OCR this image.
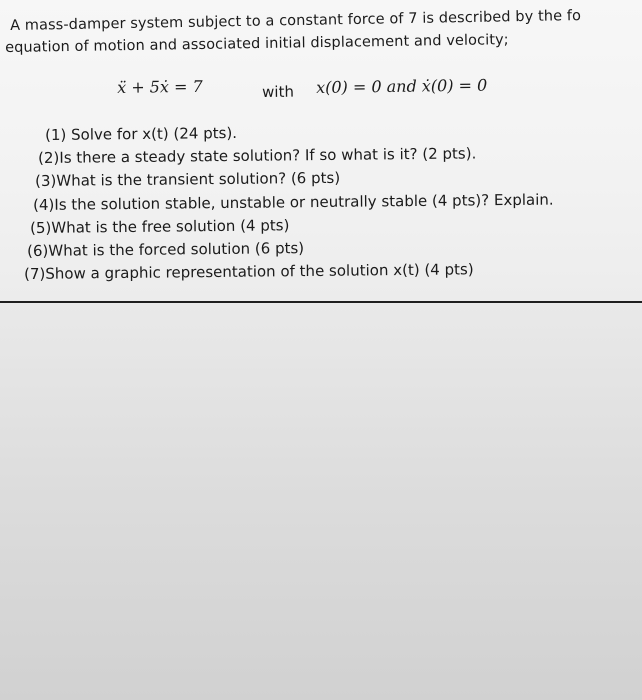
A mass-damper system subject to a constant force of 7 is described by the fo
equation of motion and associated initial displacement and velocity;
ẍ + 5ẋ = 7	with x(0) = 0 and ẋ(0) = 0
(1) Solve for x(t) (24 pts).
(2)Is there a steady state solution? If so what is it? (2 pts).
(3)What is the transient solution? (6 pts)
(4)Is the solution stable, unstable or neutrally stable (4 pts)? Explain.
(5)What is the free solution (4 pts)
(6)What is the forced solution (6 pts)
(7)Show a graphic representation of the solution x(t) (4 pts)
